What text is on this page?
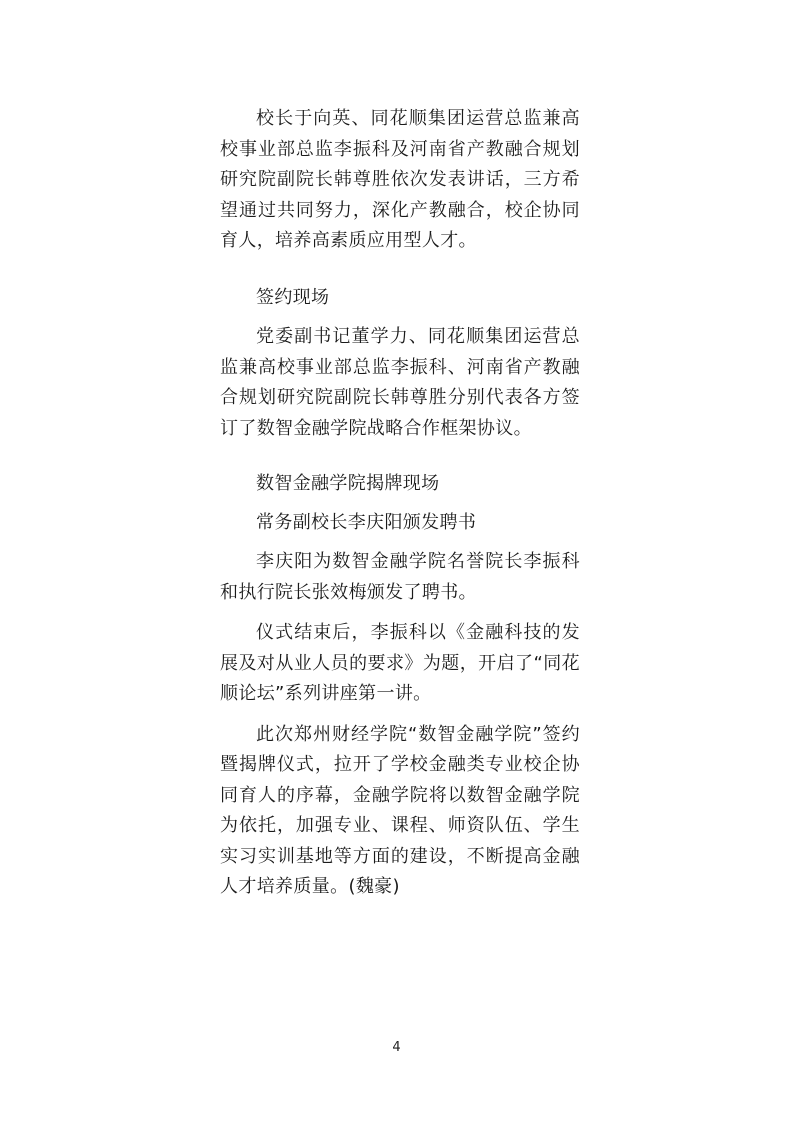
校长于向英、同花顺集团运营总监兼高校事业部总监李振科及河南省产教融合规划研究院副院长韩尊胜依次发表讲话，三方希望通过共同努力，深化产教融合，校企协同育人，培养高素质应用型人才。

签约现场

党委副书记董学力、同花顺集团运营总监兼高校事业部总监李振科、河南省产教融合规划研究院副院长韩尊胜分别代表各方签订了数智金融学院战略合作框架协议。

数智金融学院揭牌现场

常务副校长李庆阳颁发聘书

李庆阳为数智金融学院名誉院长李振科和执行院长张效梅颁发了聘书。

仪式结束后，李振科以《金融科技的发展及对从业人员的要求》为题，开启了“同花顺论坛”系列讲座第一讲。

此次郑州财经学院“数智金融学院”签约暨揭牌仪式，拉开了学校金融类专业校企协同育人的序幕，金融学院将以数智金融学院为依托，加强专业、课程、师资队伍、学生实习实训基地等方面的建设，不断提高金融人才培养质量。(魏豪)

4
